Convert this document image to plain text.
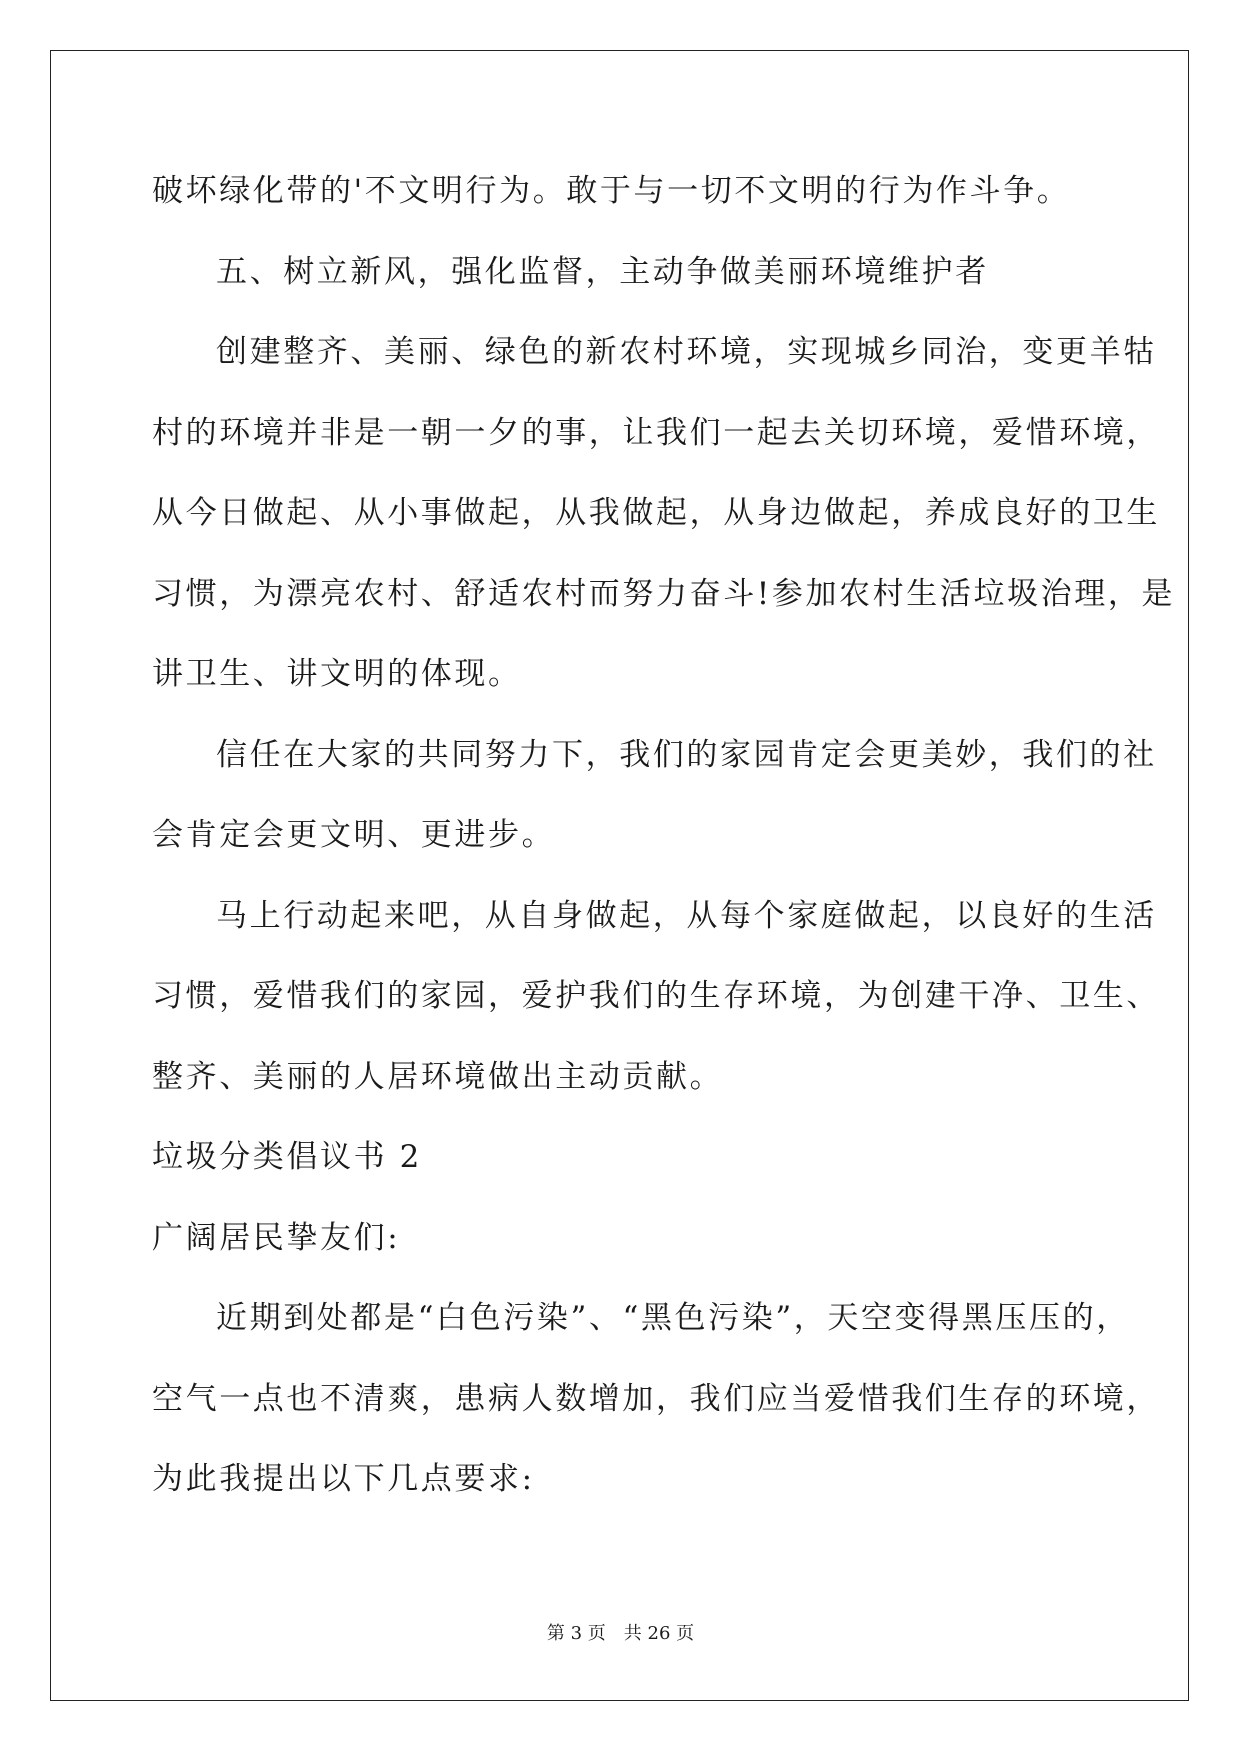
破坏绿化带的'不文明行为。敢于与一切不文明的行为作斗争。
五、树立新风，强化监督，主动争做美丽环境维护者
创建整齐、美丽、绿色的新农村环境，实现城乡同治，变更羊牯
村的环境并非是一朝一夕的事，让我们一起去关切环境，爱惜环境，
从今日做起、从小事做起，从我做起，从身边做起，养成良好的卫生
习惯，为漂亮农村、舒适农村而努力奋斗!参加农村生活垃圾治理，是
讲卫生、讲文明的体现。
信任在大家的共同努力下，我们的家园肯定会更美妙，我们的社
会肯定会更文明、更进步。
马上行动起来吧，从自身做起，从每个家庭做起，以良好的生活
习惯，爱惜我们的家园，爱护我们的生存环境，为创建干净、卫生、
整齐、美丽的人居环境做出主动贡献。
垃圾分类倡议书 2
广阔居民挚友们:
近期到处都是“白色污染”、“黑色污染”，天空变得黑压压的，
空气一点也不清爽，患病人数增加，我们应当爱惜我们生存的环境，
为此我提出以下几点要求:
第 3 页 共 26 页
